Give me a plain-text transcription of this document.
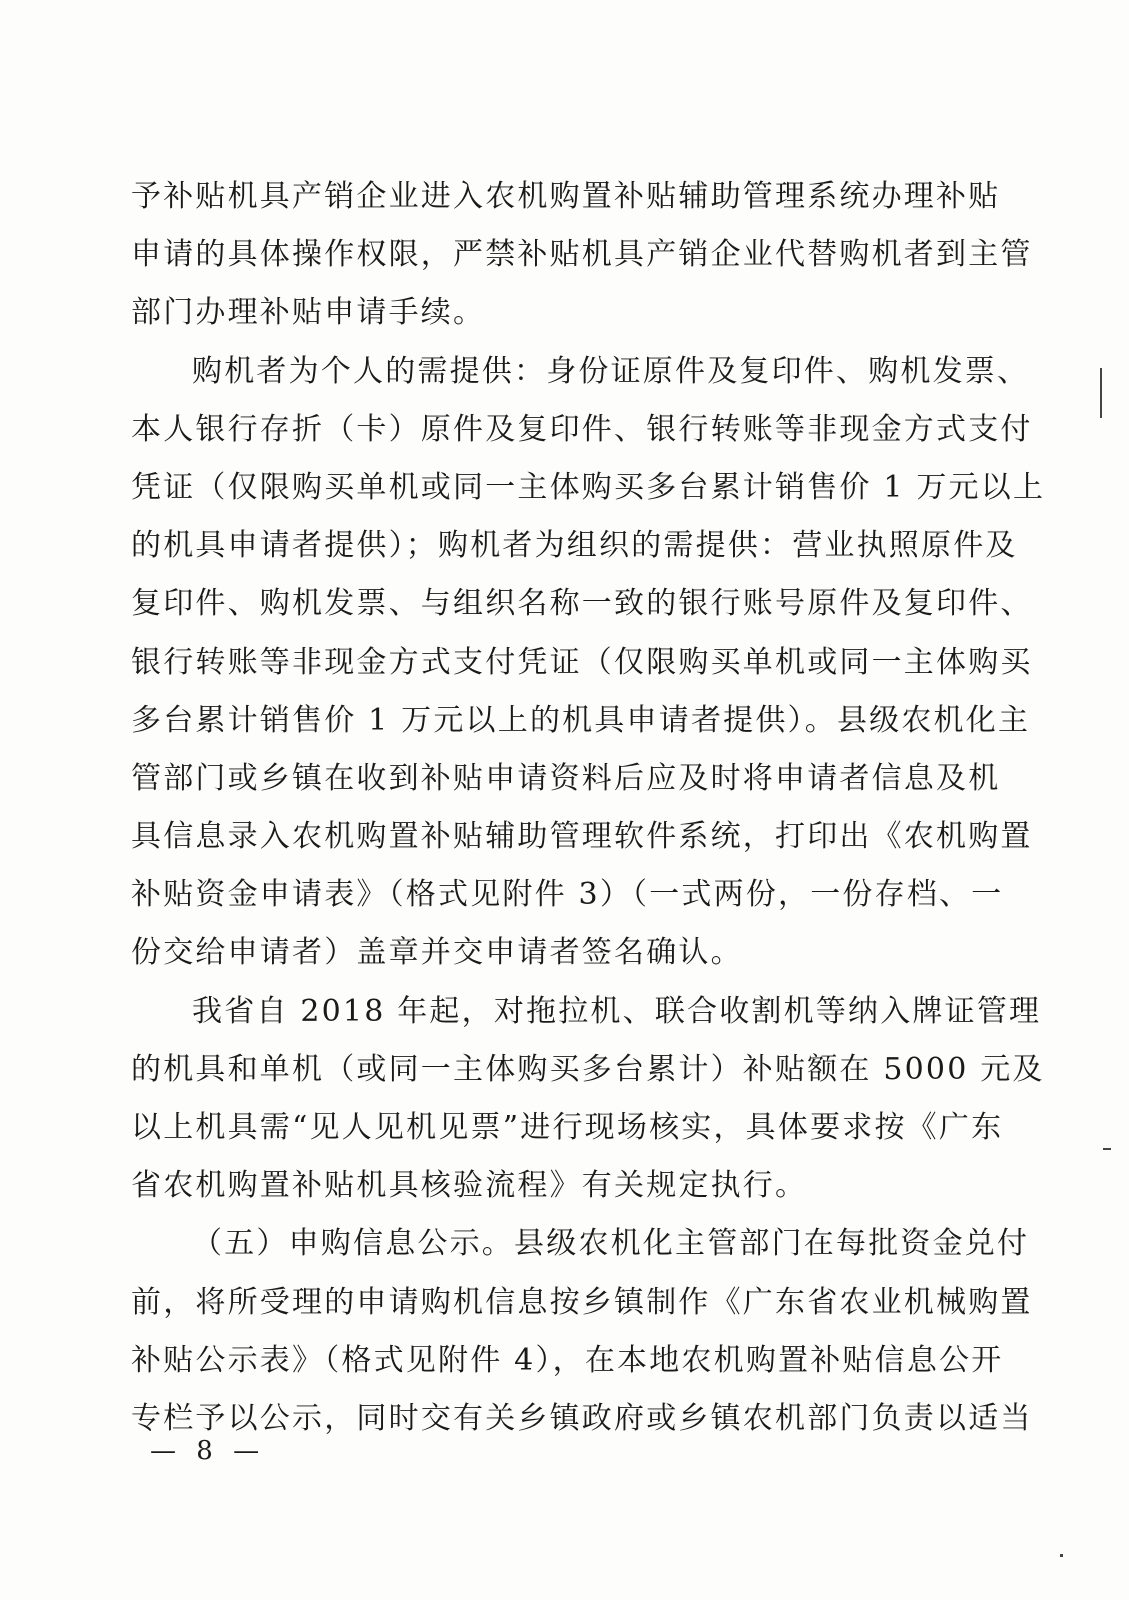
予补贴机具产销企业进入农机购置补贴辅助管理系统办理补贴
申请的具体操作权限，严禁补贴机具产销企业代替购机者到主管
部门办理补贴申请手续。
购机者为个人的需提供：身份证原件及复印件、购机发票、
本人银行存折（卡）原件及复印件、银行转账等非现金方式支付
凭证（仅限购买单机或同一主体购买多台累计销售价 1 万元以上
的机具申请者提供）；购机者为组织的需提供：营业执照原件及
复印件、购机发票、与组织名称一致的银行账号原件及复印件、
银行转账等非现金方式支付凭证（仅限购买单机或同一主体购买
多台累计销售价 1 万元以上的机具申请者提供）。县级农机化主
管部门或乡镇在收到补贴申请资料后应及时将申请者信息及机
具信息录入农机购置补贴辅助管理软件系统，打印出《农机购置
补贴资金申请表》（格式见附件 3）（一式两份，一份存档、一
份交给申请者）盖章并交申请者签名确认。
我省自 2018 年起，对拖拉机、联合收割机等纳入牌证管理
的机具和单机（或同一主体购买多台累计）补贴额在 5000 元及
以上机具需“见人见机见票”进行现场核实，具体要求按《广东
省农机购置补贴机具核验流程》有关规定执行。
（五）申购信息公示。县级农机化主管部门在每批资金兑付
前，将所受理的申请购机信息按乡镇制作《广东省农业机械购置
补贴公示表》（格式见附件 4），在本地农机购置补贴信息公开
专栏予以公示，同时交有关乡镇政府或乡镇农机部门负责以适当
— 8 —
